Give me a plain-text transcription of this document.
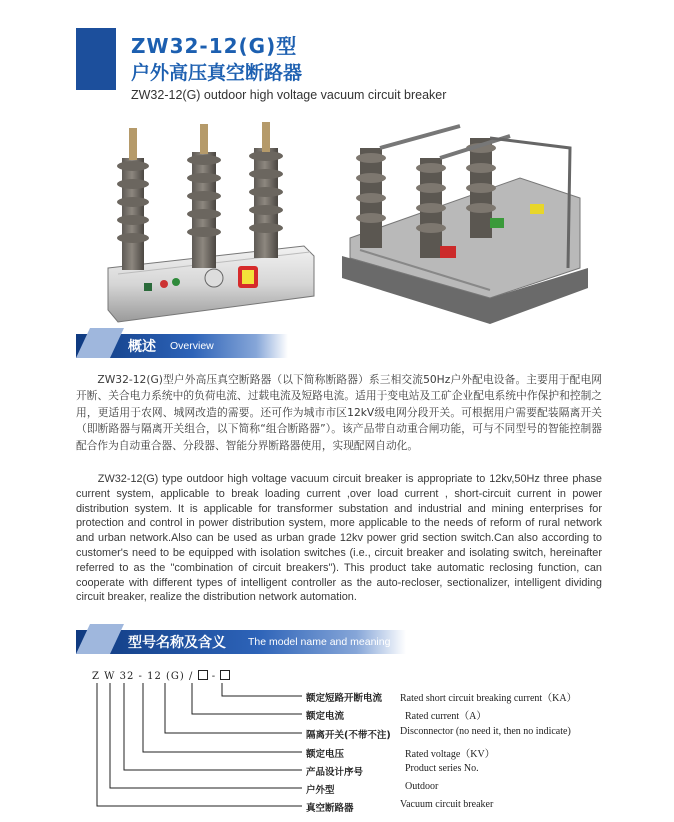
ZW32-12(G)型
户外高压真空断路器
ZW32-12(G) outdoor high voltage vacuum circuit breaker
概述 Overview
ZW32-12(G)型户外高压真空断路器（以下简称断路器）系三相交流50Hz户外配电设备。主要用于配电网开断、关合电力系统中的负荷电流、过载电流及短路电流。适用于变电站及工矿企业配电系统中作保护和控制之用，更适用于农网、城网改造的需要。还可作为城市市区12kV级电网分段开关。可根据用户需要配装隔离开关（即断路器与隔离开关组合，以下简称“组合断路器”）。该产品带自动重合闸功能，可与不同型号的智能控制器配合作为自动重合器、分段器、智能分界断路器使用，实现配网自动化。
ZW32-12(G) type outdoor high voltage vacuum circuit breaker is appropriate to 12kv,50Hz three phase current system, applicable to break loading current ,over load current , short-circuit current in power distribution system. It is applicable for transformer substation and industrial and mining enterprises for protection and control in power distribution system, more applicable to the needs of reform of rural network and urban network.Also can be used as urban grade 12kv power grid section switch.Can also according to customer's need to be equipped with isolation switches (i.e., circuit breaker and isolating switch, hereinafter referred to as the "combination of circuit breakers"). This product take automatic reclosing function, can cooperate with different types of intelligent controller as the auto-recloser, sectionalizer, intelligent dividing circuit breaker, realize the distribution network automation.
型号名称及含义 The model name and meaning
Z W 32 - 12 (G) / -
额定短路开断电流 Rated short circuit breaking current（KA）
额定电流	Rated current（A）
隔离开关(不带不注) Disconnector (no need it, then no indicate)
额定电压	Rated voltage（KV）
产品设计序号	Product series No.
户外型	Outdoor
真空断路器	Vacuum circuit breaker
